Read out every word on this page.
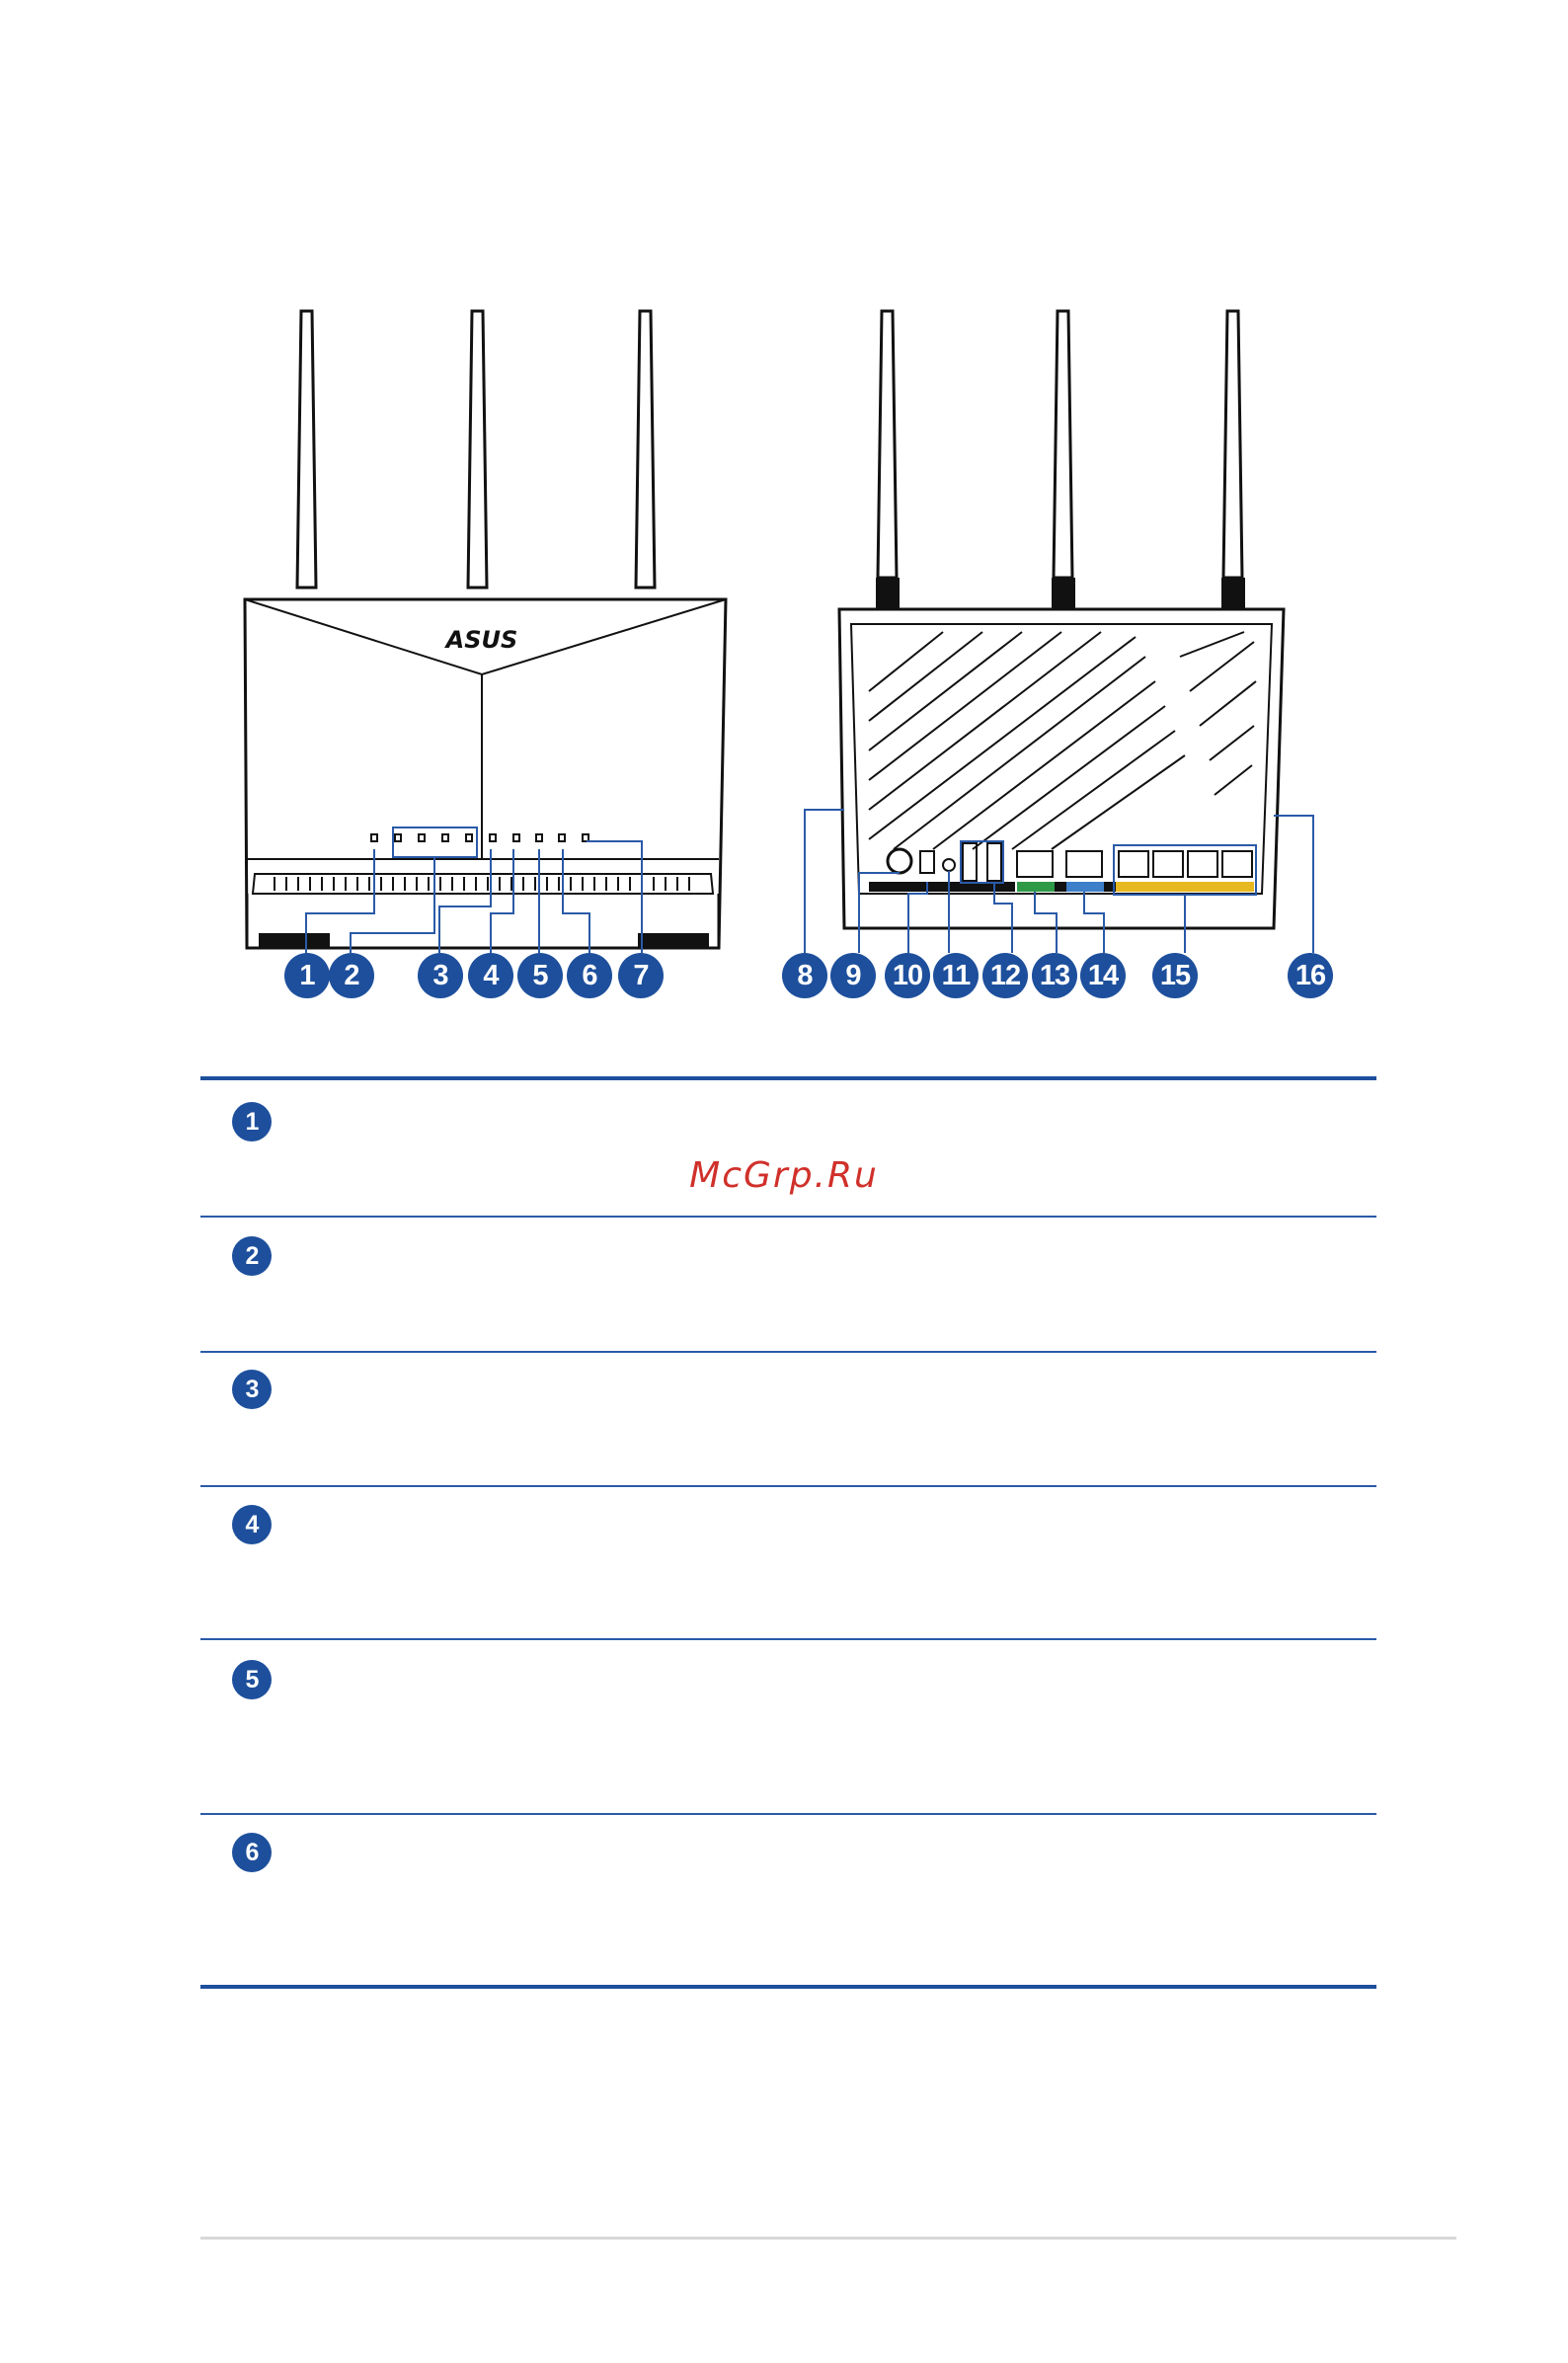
ASUS
1	2	3	4	5	6	7	8	9	10 11 12 13 14 15	16
1
McGrp.Ru
2
3
4
5
6
